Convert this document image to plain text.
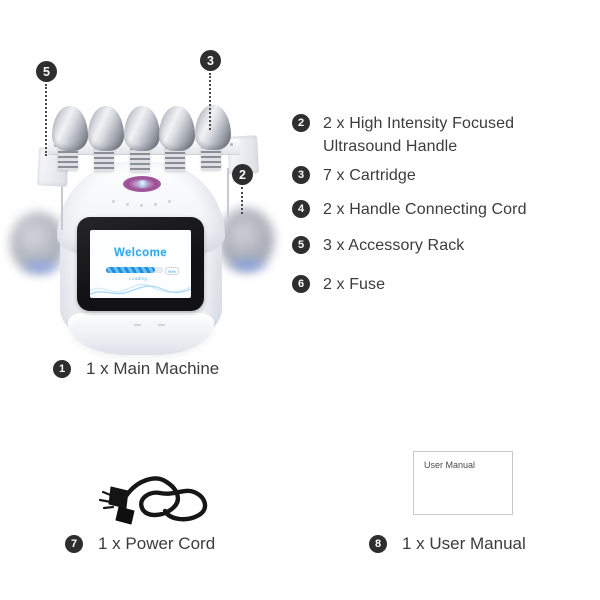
Welcome
90%
Loading...
5
3
2
2	2 x High Intensity Focused Ultrasound Handle
3	7 x Cartridge
4	2 x Handle Connecting Cord
5	3 x Accessory Rack
6	2 x Fuse
1	1 x Main Machine
7	1 x Power Cord
User Manual
8	1 x User Manual
